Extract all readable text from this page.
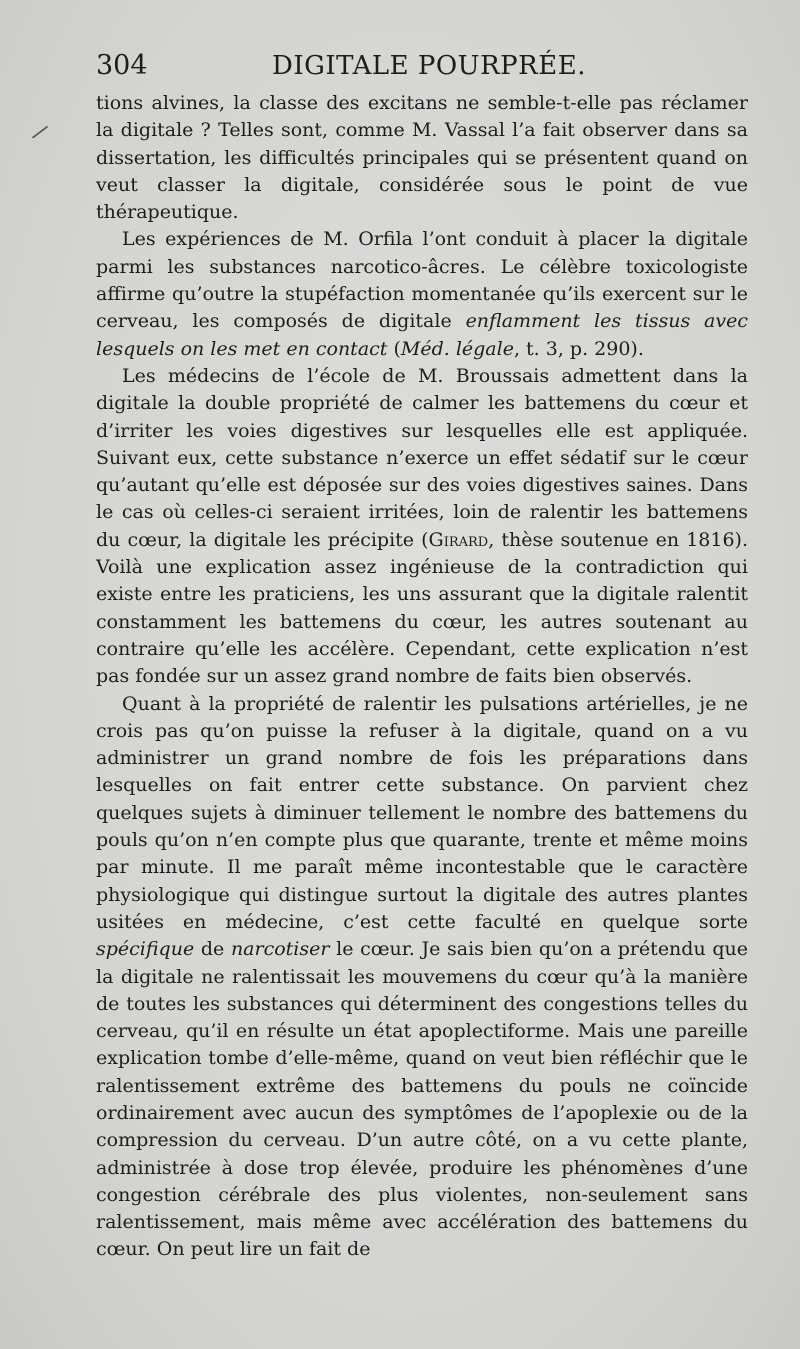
/
304	DIGITALE POURPRÉE.

tions alvines, la classe des excitans ne semble-t-elle pas réclamer la digitale ? Telles sont, comme M. Vassal l’a fait observer dans sa dissertation, les difficultés principales qui se présentent quand on veut classer la digitale, considérée sous le point de vue thérapeutique.

Les expériences de M. Orfila l’ont conduit à placer la digitale parmi les substances narcotico-âcres. Le célèbre toxicologiste affirme qu’outre la stupéfaction momentanée qu’ils exercent sur le cerveau, les composés de digitale enflamment les tissus avec lesquels on les met en contact (Méd. légale, t. 3, p. 290).

Les médecins de l’école de M. Broussais admettent dans la digitale la double propriété de calmer les battemens du cœur et d’irriter les voies digestives sur lesquelles elle est appliquée. Suivant eux, cette substance n’exerce un effet sédatif sur le cœur qu’autant qu’elle est déposée sur des voies digestives saines. Dans le cas où celles-ci seraient irritées, loin de ralentir les battemens du cœur, la digitale les précipite (Girard, thèse soutenue en 1816). Voilà une explication assez ingénieuse de la contradiction qui existe entre les praticiens, les uns assurant que la digitale ralentit constamment les battemens du cœur, les autres soutenant au contraire qu’elle les accélère. Cependant, cette explication n’est pas fondée sur un assez grand nombre de faits bien observés.

Quant à la propriété de ralentir les pulsations artérielles, je ne crois pas qu’on puisse la refuser à la digitale, quand on a vu administrer un grand nombre de fois les préparations dans lesquelles on fait entrer cette substance. On parvient chez quelques sujets à diminuer tellement le nombre des battemens du pouls qu’on n’en compte plus que quarante, trente et même moins par minute. Il me paraît même incontestable que le caractère physiologique qui distingue surtout la digitale des autres plantes usitées en médecine, c’est cette faculté en quelque sorte spécifique de narcotiser le cœur. Je sais bien qu’on a prétendu que la digitale ne ralentissait les mouvemens du cœur qu’à la manière de toutes les substances qui déterminent des congestions telles du cerveau, qu’il en résulte un état apoplectiforme. Mais une pareille explication tombe d’elle-même, quand on veut bien réfléchir que le ralentissement extrême des battemens du pouls ne coïncide ordinairement avec aucun des symptômes de l’apoplexie ou de la compression du cerveau. D’un autre côté, on a vu cette plante, administrée à dose trop élevée, produire les phénomènes d’une congestion cérébrale des plus violentes, non-seulement sans ralentissement, mais même avec accélération des battemens du cœur. On peut lire un fait de
